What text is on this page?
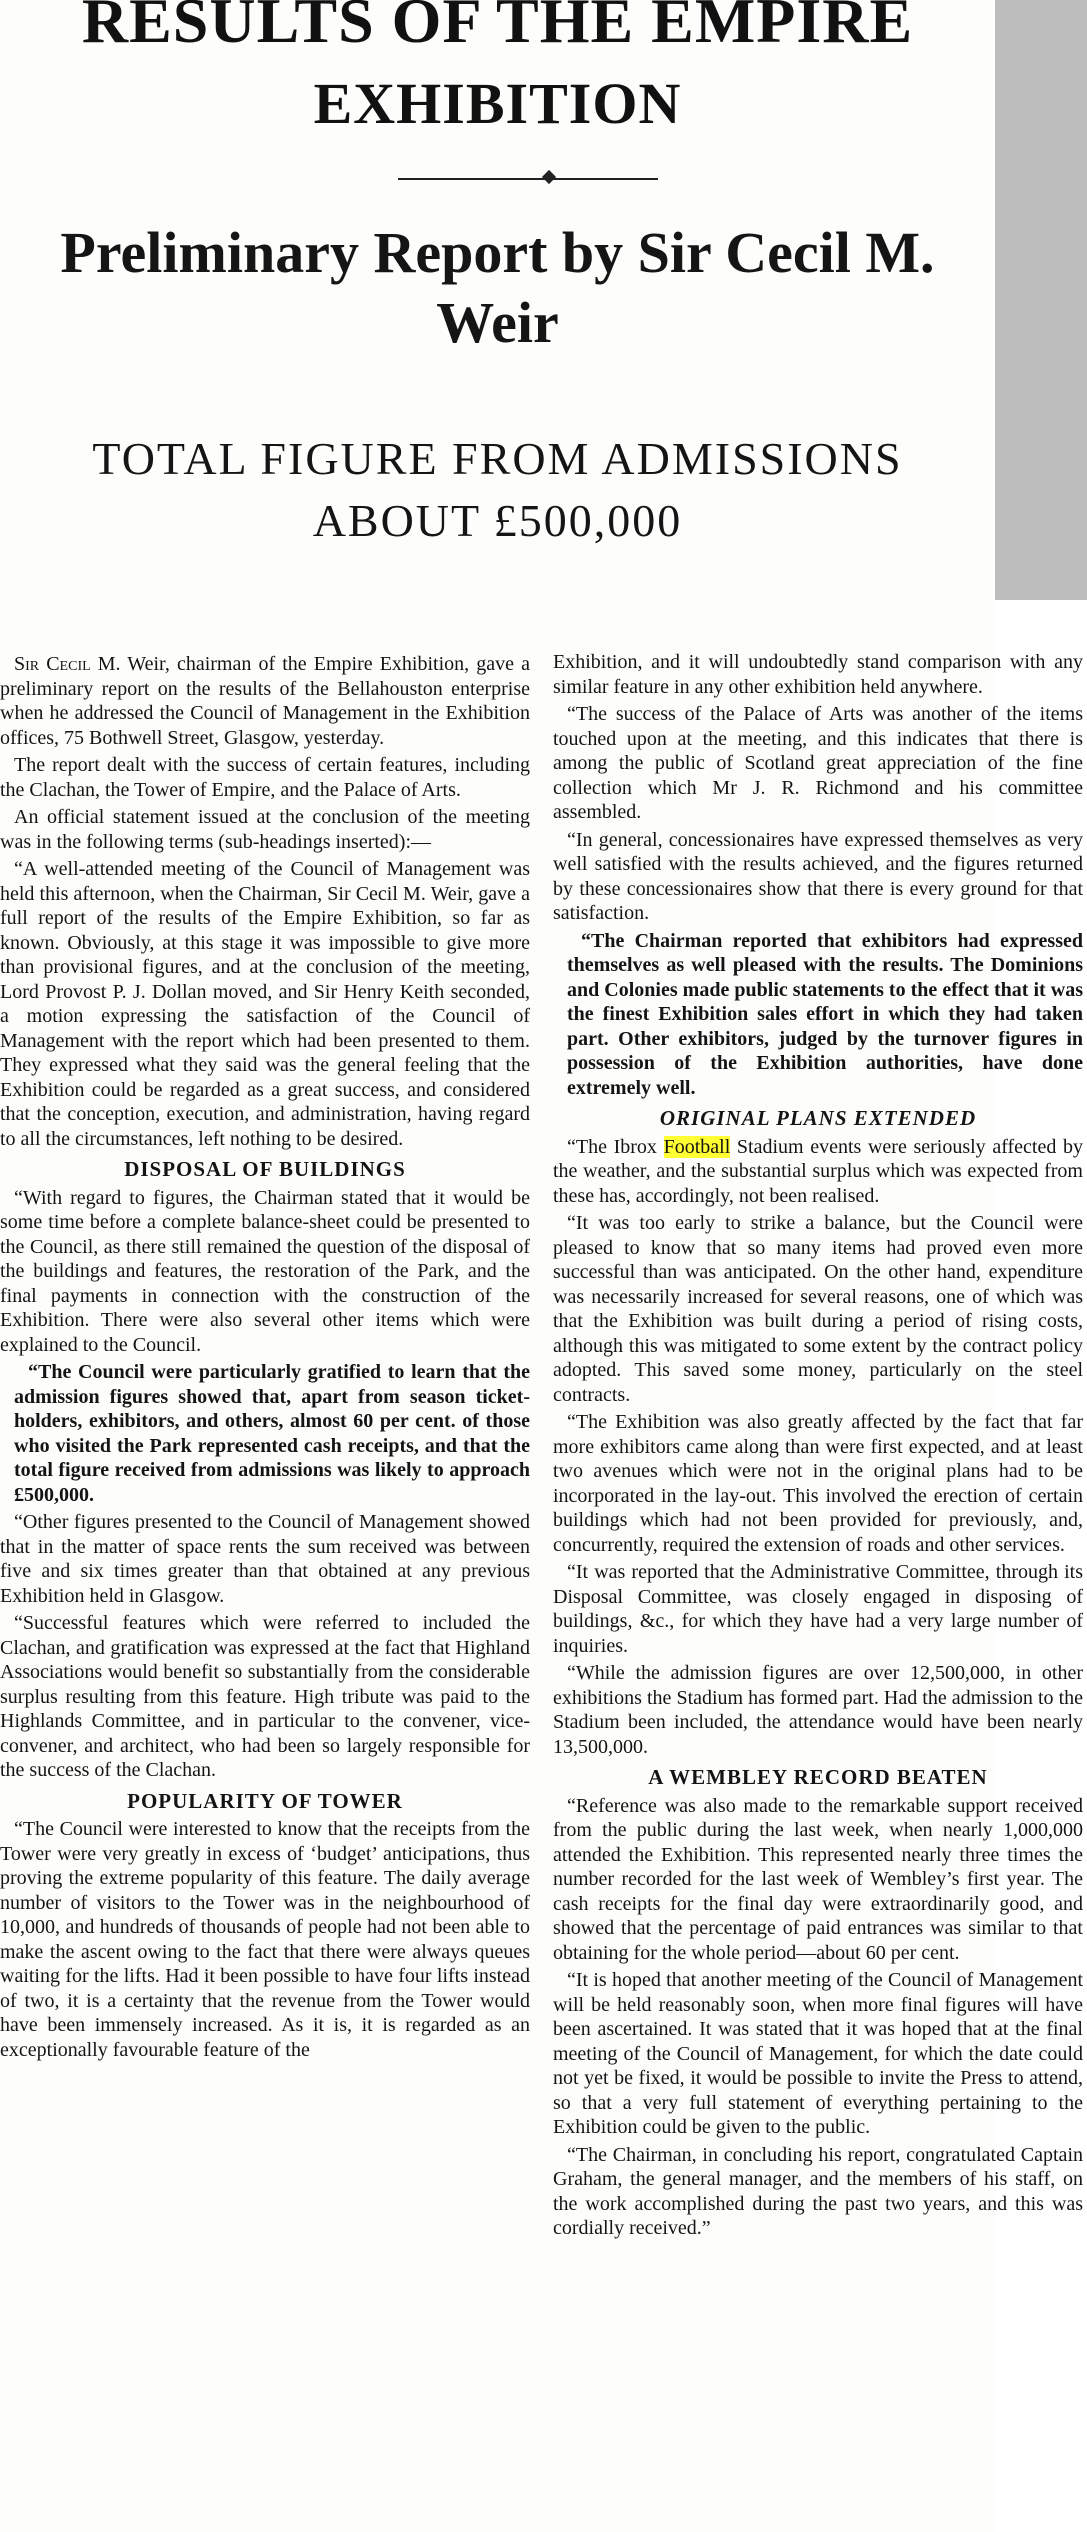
RESULTS OF THE EMPIRE
EXHIBITION
Preliminary Report by Sir Cecil M. Weir
TOTAL FIGURE FROM ADMISSIONS
ABOUT £500,000

Sir Cecil M. Weir, chairman of the Empire Exhibition, gave a preliminary report on the results of the Bellahouston enterprise when he addressed the Council of Management in the Exhibition offices, 75 Bothwell Street, Glasgow, yesterday.

The report dealt with the success of certain features, including the Clachan, the Tower of Empire, and the Palace of Arts.

An official statement issued at the conclusion of the meeting was in the following terms (sub-headings inserted):—

“A well-attended meeting of the Council of Management was held this afternoon, when the Chairman, Sir Cecil M. Weir, gave a full report of the results of the Empire Exhibition, so far as known. Obviously, at this stage it was impossible to give more than provisional figures, and at the conclusion of the meeting, Lord Provost P. J. Dollan moved, and Sir Henry Keith seconded, a motion expressing the satisfaction of the Council of Management with the report which had been presented to them. They expressed what they said was the general feeling that the Exhibition could be regarded as a great success, and considered that the conception, execution, and administration, having regard to all the circumstances, left nothing to be desired.

DISPOSAL OF BUILDINGS

“With regard to figures, the Chairman stated that it would be some time before a complete balance-sheet could be presented to the Council, as there still remained the question of the disposal of the buildings and features, the restoration of the Park, and the final payments in connection with the construction of the Exhibition. There were also several other items which were explained to the Council.

“The Council were particularly gratified to learn that the admission figures showed that, apart from season ticket-holders, exhibitors, and others, almost 60 per cent. of those who visited the Park represented cash receipts, and that the total figure received from admissions was likely to approach £500,000.

“Other figures presented to the Council of Management showed that in the matter of space rents the sum received was between five and six times greater than that obtained at any previous Exhibition held in Glasgow.

“Successful features which were referred to included the Clachan, and gratification was expressed at the fact that Highland Associations would benefit so substantially from the considerable surplus resulting from this feature. High tribute was paid to the Highlands Committee, and in particular to the convener, vice-convener, and architect, who had been so largely responsible for the success of the Clachan.

POPULARITY OF TOWER

“The Council were interested to know that the receipts from the Tower were very greatly in excess of ‘budget’ anticipations, thus proving the extreme popularity of this feature. The daily average number of visitors to the Tower was in the neighbourhood of 10,000, and hundreds of thousands of people had not been able to make the ascent owing to the fact that there were always queues waiting for the lifts. Had it been possible to have four lifts instead of two, it is a certainty that the revenue from the Tower would have been immensely increased. As it is, it is regarded as an exceptionally favourable feature of the

Exhibition, and it will undoubtedly stand comparison with any similar feature in any other exhibition held anywhere.

“The success of the Palace of Arts was another of the items touched upon at the meeting, and this indicates that there is among the public of Scotland great appreciation of the fine collection which Mr J. R. Richmond and his committee assembled.

“In general, concessionaires have expressed themselves as very well satisfied with the results achieved, and the figures returned by these concessionaires show that there is every ground for that satisfaction.

“The Chairman reported that exhibitors had expressed themselves as well pleased with the results. The Dominions and Colonies made public statements to the effect that it was the finest Exhibition sales effort in which they had taken part. Other exhibitors, judged by the turnover figures in possession of the Exhibition authorities, have done extremely well.

ORIGINAL PLANS EXTENDED

“The Ibrox Football Stadium events were seriously affected by the weather, and the substantial surplus which was expected from these has, accordingly, not been realised.

“It was too early to strike a balance, but the Council were pleased to know that so many items had proved even more successful than was anticipated. On the other hand, expenditure was necessarily increased for several reasons, one of which was that the Exhibition was built during a period of rising costs, although this was mitigated to some extent by the contract policy adopted. This saved some money, particularly on the steel contracts.

“The Exhibition was also greatly affected by the fact that far more exhibitors came along than were first expected, and at least two avenues which were not in the original plans had to be incorporated in the lay-out. This involved the erection of certain buildings which had not been provided for previously, and, concurrently, required the extension of roads and other services.

“It was reported that the Administrative Committee, through its Disposal Committee, was closely engaged in disposing of buildings, &c., for which they have had a very large number of inquiries.

“While the admission figures are over 12,500,000, in other exhibitions the Stadium has formed part. Had the admission to the Stadium been included, the attendance would have been nearly 13,500,000.

A WEMBLEY RECORD BEATEN

“Reference was also made to the remarkable support received from the public during the last week, when nearly 1,000,000 attended the Exhibition. This represented nearly three times the number recorded for the last week of Wembley’s first year. The cash receipts for the final day were extraordinarily good, and showed that the percentage of paid entrances was similar to that obtaining for the whole period—about 60 per cent.

“It is hoped that another meeting of the Council of Management will be held reasonably soon, when more final figures will have been ascertained. It was stated that it was hoped that at the final meeting of the Council of Management, for which the date could not yet be fixed, it would be possible to invite the Press to attend, so that a very full statement of everything pertaining to the Exhibition could be given to the public.

“The Chairman, in concluding his report, congratulated Captain Graham, the general manager, and the members of his staff, on the work accomplished during the past two years, and this was cordially received.”
